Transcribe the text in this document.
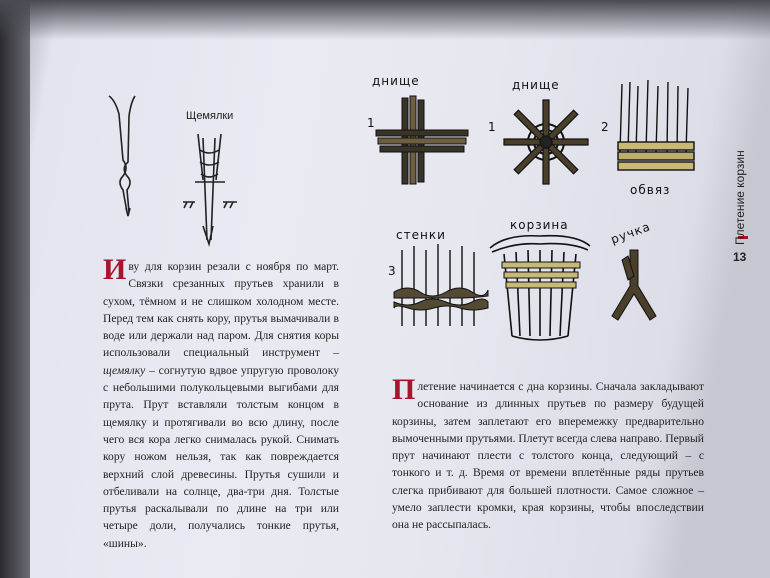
Плетение корзин
13
Щемялки
днище	днище
обвяз
стенки
корзина	ручка
1	1	2
3
Иву для корзин резали с ноября по март. Связки срезанных прутьев хранили в сухом, тёмном и не слишком холодном месте. Перед тем как снять кору, прутья вымачивали в воде или держали над паром. Для снятия коры использовали специальный инструмент – щемялку – согнутую вдвое упругую проволоку с небольшими полукольцевыми выгибами для прута. Прут вставляли толстым концом в щемялку и протягивали во всю длину, после чего вся кора легко снималась рукой. Снимать кору ножом нельзя, так как повреждается верхний слой древесины. Прутья сушили и отбеливали на солнце, два-три дня. Толстые прутья раскалывали по длине на три или четыре доли, получались тонкие прутья, «шины».
Плетение начинается с дна корзины. Сначала закладывают основание из длинных прутьев по размеру будущей корзины, затем заплетают его вперемежку предварительно вымоченными прутьями. Плетут всегда слева направо. Первый прут начинают плести с толстого конца, следующий – с тонкого и т. д. Время от времени вплетённые ряды прутьев слегка прибивают для большей плотности. Самое сложное – умело заплести кромки, края корзины, чтобы впоследствии она не рассыпалась.
